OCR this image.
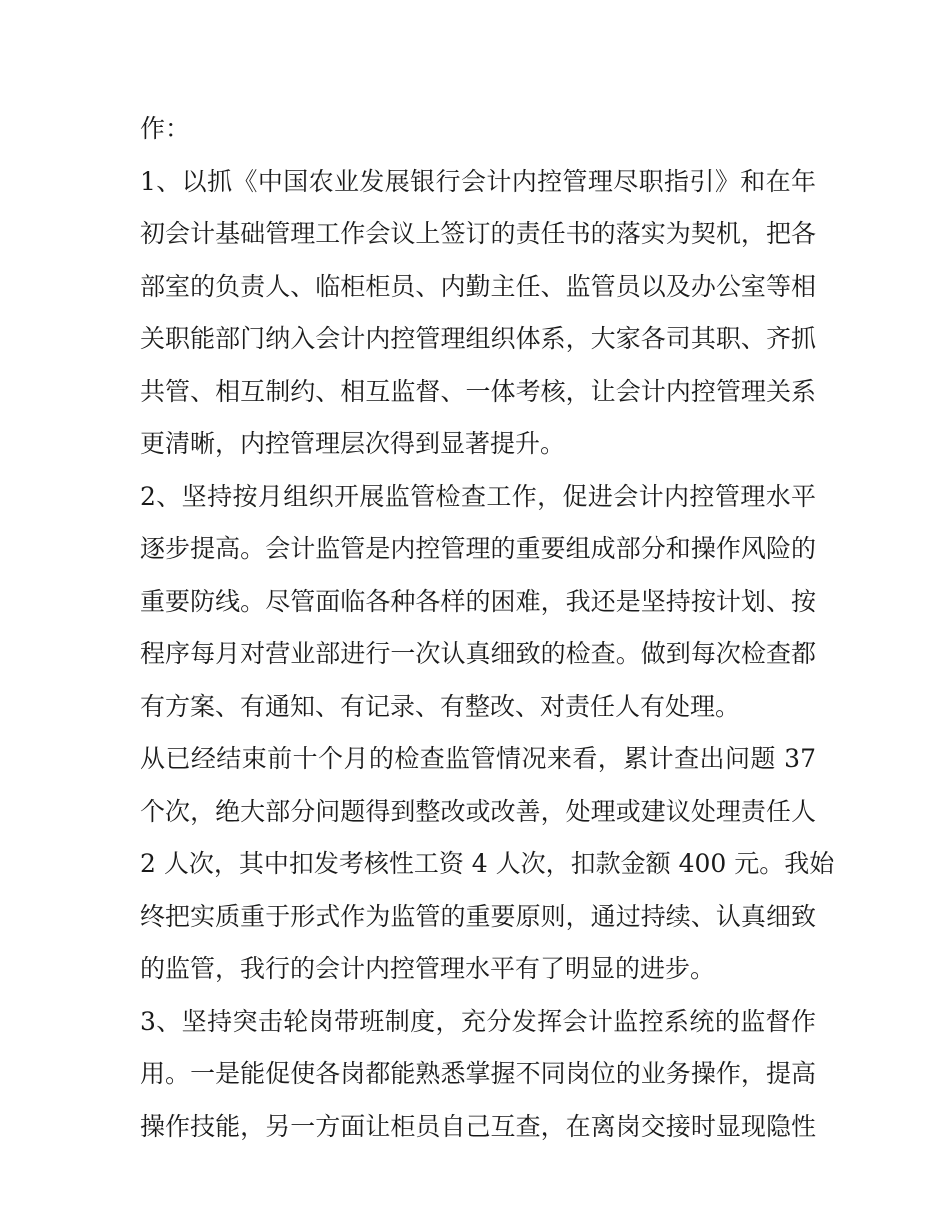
作：
1、以抓《中国农业发展银行会计内控管理尽职指引》和在年
初会计基础管理工作会议上签订的责任书的落实为契机，把各
部室的负责人、临柜柜员、内勤主任、监管员以及办公室等相
关职能部门纳入会计内控管理组织体系，大家各司其职、齐抓
共管、相互制约、相互监督、一体考核，让会计内控管理关系
更清晰，内控管理层次得到显著提升。
2、坚持按月组织开展监管检查工作，促进会计内控管理水平
逐步提高。会计监管是内控管理的重要组成部分和操作风险的
重要防线。尽管面临各种各样的困难，我还是坚持按计划、按
程序每月对营业部进行一次认真细致的检查。做到每次检查都
有方案、有通知、有记录、有整改、对责任人有处理。
从已经结束前十个月的检查监管情况来看，累计查出问题 37
个次，绝大部分问题得到整改或改善，处理或建议处理责任人
2 人次，其中扣发考核性工资 4 人次，扣款金额 400 元。我始
终把实质重于形式作为监管的重要原则，通过持续、认真细致
的监管，我行的会计内控管理水平有了明显的进步。
3、坚持突击轮岗带班制度，充分发挥会计监控系统的监督作
用。一是能促使各岗都能熟悉掌握不同岗位的业务操作，提高
操作技能，另一方面让柜员自己互查，在离岗交接时显现隐性
